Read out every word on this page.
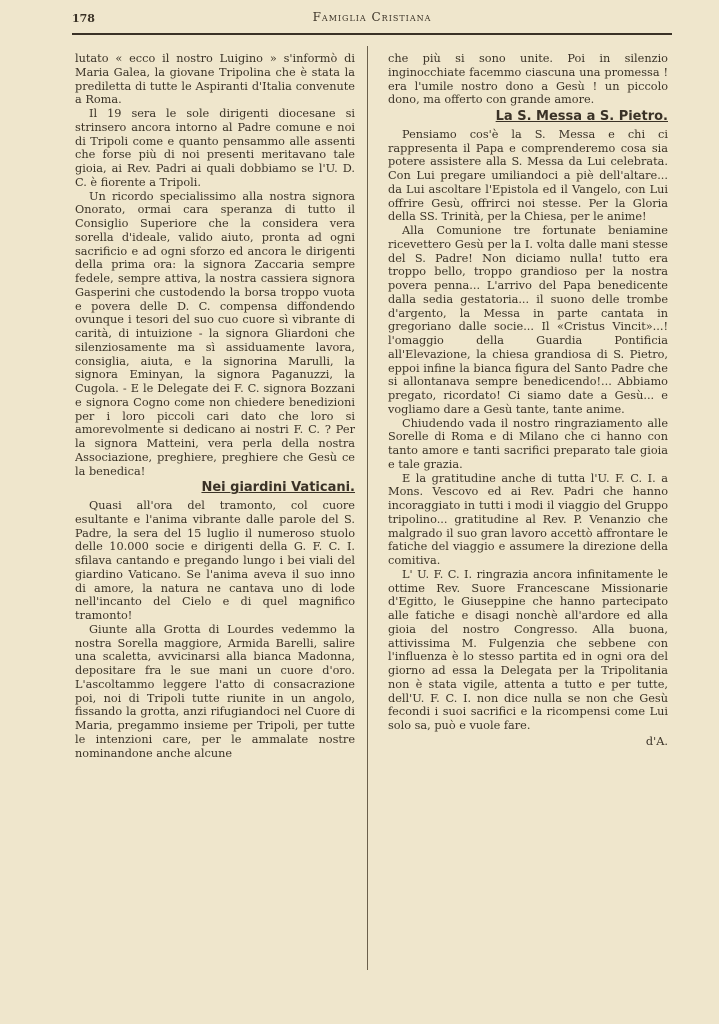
178	Famiglia Cristiana

lutato « ecco il nostro Luigino » s'informò di Maria Galea, la giovane Tripolina che è stata la prediletta di tutte le Aspiranti d'Italia convenute a Roma.

Il 19 sera le sole dirigenti diocesane si strinsero ancora intorno al Padre comune e noi di Tripoli come e quanto pensammo alle assenti che forse più di noi presenti meritavano tale gioia, ai Rev. Padri ai quali dobbiamo se l'U. D. C. è fiorente a Tripoli.

Un ricordo specialissimo alla nostra signora Onorato, ormai cara speranza di tutto il Consiglio Superiore che la considera vera sorella d'ideale, valido aiuto, pronta ad ogni sacrificio e ad ogni sforzo ed ancora le dirigenti della prima ora: la signora Zaccaria sempre fedele, sempre attiva, la nostra cassiera signora Gasperini che custodendo la borsa troppo vuota e povera delle D. C. compensa diffondendo ovunque i tesori del suo cuo cuore sì vibrante di carità, di intuizione - la signora Gliardoni che silenziosamente ma sì assiduamente lavora, consiglia, aiuta, e la signorina Marulli, la signora Eminyan, la signora Paganuzzi, la Cugola. - E le Delegate dei F. C. signora Bozzani e signora Cogno come non chiedere benedizioni per i loro piccoli cari dato che loro si amorevolmente si dedicano ai nostri F. C. ? Per la signora Matteini, vera perla della nostra Associazione, preghiere, preghiere che Gesù ce la benedica!

Nei giardini Vaticani.

Quasi all'ora del tramonto, col cuore esultante e l'anima vibrante dalle parole del S. Padre, la sera del 15 luglio il numeroso stuolo delle 10.000 socie e dirigenti della G. F. C. I. sfilava cantando e pregando lungo i bei viali del giardino Vaticano. Se l'anima aveva il suo inno di amore, la natura ne cantava uno di lode nell'incanto del Cielo e di quel magnifico tramonto!

Giunte alla Grotta di Lourdes vedemmo la nostra Sorella maggiore, Armida Barelli, salire una scaletta, avvicinarsi alla bianca Madonna, depositare fra le sue mani un cuore d'oro. L'ascoltammo leggere l'atto di consacrazione poi, noi di Tripoli tutte riunite in un angolo, fissando la grotta, anzi rifugiandoci nel Cuore di Maria, pregammo insieme per Tripoli, per tutte le intenzioni care, per le ammalate nostre nominandone anche alcune

che più si sono unite. Poi in silenzio inginocchiate facemmo ciascuna una promessa ! era l'umile nostro dono a Gesù ! un piccolo dono, ma offerto con grande amore.

La S. Messa a S. Pietro.

Pensiamo cos'è la S. Messa e chi ci rappresenta il Papa e comprenderemo cosa sia potere assistere alla S. Messa da Lui celebrata. Con Lui pregare umiliandoci a piè dell'altare... da Lui ascoltare l'Epistola ed il Vangelo, con Lui offrire Gesù, offrirci noi stesse. Per la Gloria della SS. Trinità, per la Chiesa, per le anime!

Alla Comunione tre fortunate beniamine ricevettero Gesù per la I. volta dalle mani stesse del S. Padre! Non diciamo nulla! tutto era troppo bello, troppo grandioso per la nostra povera penna... L'arrivo del Papa benedicente dalla sedia gestatoria... il suono delle trombe d'argento, la Messa in parte cantata in gregoriano dalle socie... Il «Cristus Vincit»...! l'omaggio della Guardia Pontificia all'Elevazione, la chiesa grandiosa di S. Pietro, eppoi infine la bianca figura del Santo Padre che si allontanava sempre benedicendo!... Abbiamo pregato, ricordato! Ci siamo date a Gesù... e vogliamo dare a Gesù tante, tante anime.

Chiudendo vada il nostro ringraziamento alle Sorelle di Roma e di Milano che ci hanno con tanto amore e tanti sacrifici preparato tale gioia e tale grazia.

E la gratitudine anche di tutta l'U. F. C. I. a Mons. Vescovo ed ai Rev. Padri che hanno incoraggiato in tutti i modi il viaggio del Gruppo tripolino... gratitudine al Rev. P. Venanzio che malgrado il suo gran lavoro accettò affrontare le fatiche del viaggio e assumere la direzione della comitiva.

L' U. F. C. I. ringrazia ancora infinitamente le ottime Rev. Suore Francescane Missionarie d'Egitto, le Giuseppine che hanno partecipato alle fatiche e disagi nonchè all'ardore ed alla gioia del nostro Congresso. Alla buona, attivissima M. Fulgenzia che sebbene con l'influenza è lo stesso partita ed in ogni ora del giorno ad essa la Delegata per la Tripolitania non è stata vigile, attenta a tutto e per tutte, dell'U. F. C. I. non dice nulla se non che Gesù fecondi i suoi sacrifici e la ricompensi come Lui solo sa, può e vuole fare.

d'A.
